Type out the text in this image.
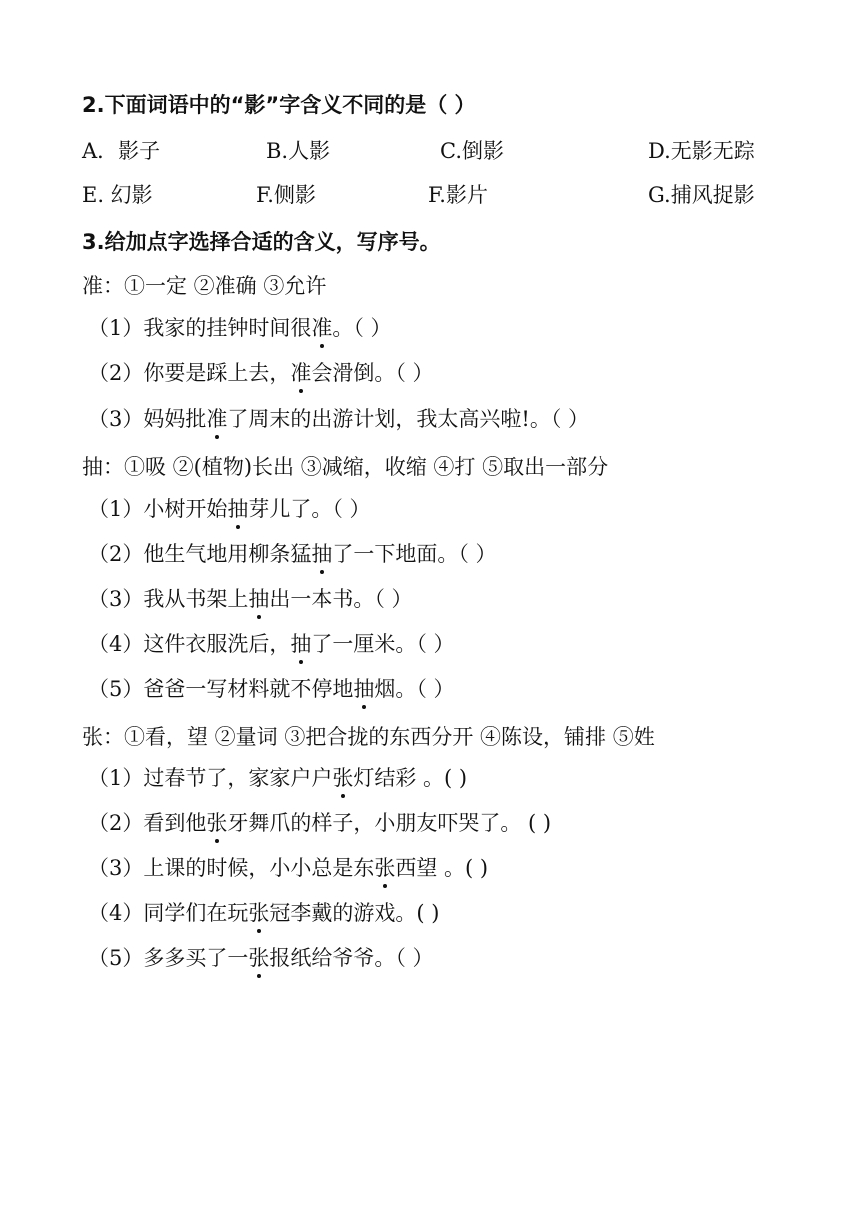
2.下面词语中的“影”字含义不同的是（ ）
A．影子	B.人影	C.倒影	D.无影无踪
E. 幻影	F.侧影	F.影片	G.捕风捉影
3.给加点字选择合适的含义，写序号。
准：①一定 ②准确 ③允许
（1）我家的挂钟时间很准。（ ）
（2）你要是踩上去，准会滑倒。（ ）
（3）妈妈批准了周末的出游计划，我太高兴啦!。（ ）
抽：①吸 ②(植物)长出 ③减缩，收缩 ④打 ⑤取出一部分
（1）小树开始抽芽儿了。（ ）
（2）他生气地用柳条猛抽了一下地面。（ ）
（3）我从书架上抽出一本书。（ ）
（4）这件衣服洗后，抽了一厘米。（ ）
（5）爸爸一写材料就不停地抽烟。（ ）
张：①看，望 ②量词 ③把合拢的东西分开 ④陈设，铺排 ⑤姓
（1）过春节了，家家户户张灯结彩 。( )
（2）看到他张牙舞爪的样子，小朋友吓哭了。 ( )
（3）上课的时候，小小总是东张西望 。( )
（4）同学们在玩张冠李戴的游戏。( )
（5）多多买了一张报纸给爷爷。（ ）
